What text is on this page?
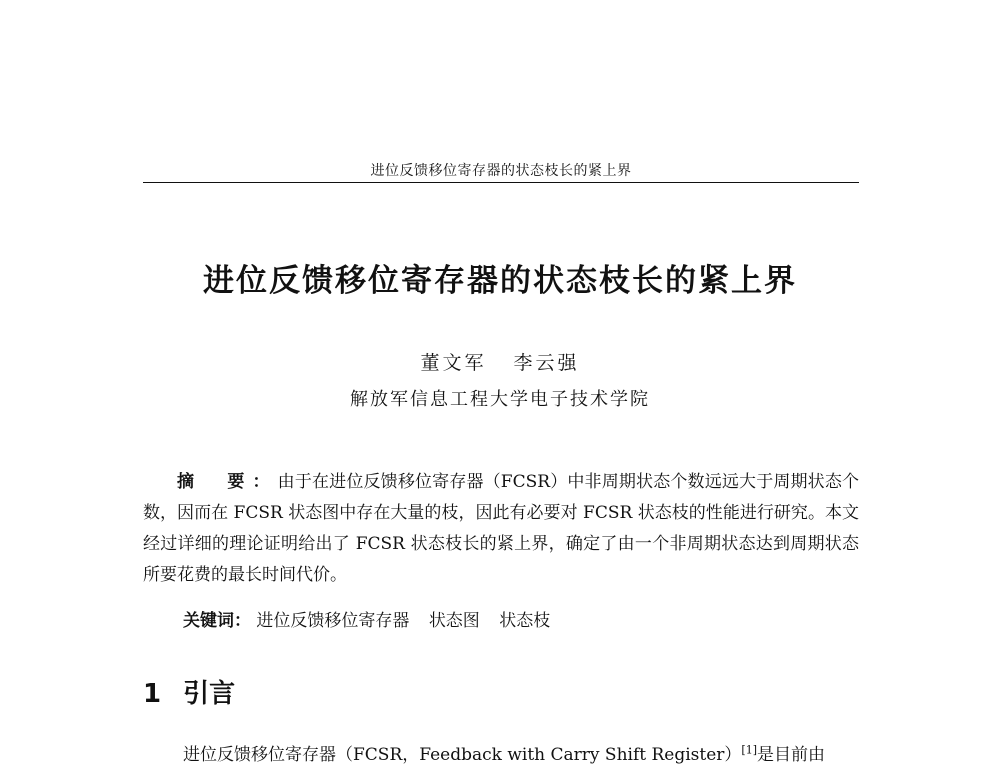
进位反馈移位寄存器的状态枝长的紧上界
进位反馈移位寄存器的状态枝长的紧上界
董文军 李云强
解放军信息工程大学电子技术学院

摘　要：由于在进位反馈移位寄存器（FCSR）中非周期状态个数远远大于周期状态个数，因而在 FCSR 状态图中存在大量的枝，因此有必要对 FCSR 状态枝的性能进行研究。本文经过详细的理论证明给出了 FCSR 状态枝长的紧上界，确定了由一个非周期状态达到周期状态所要花费的最长时间代价。

关键词： 进位反馈移位寄存器 状态图 状态枝
1 引言
进位反馈移位寄存器（FCSR，Feedback with Carry Shift Register）[1]是目前由
